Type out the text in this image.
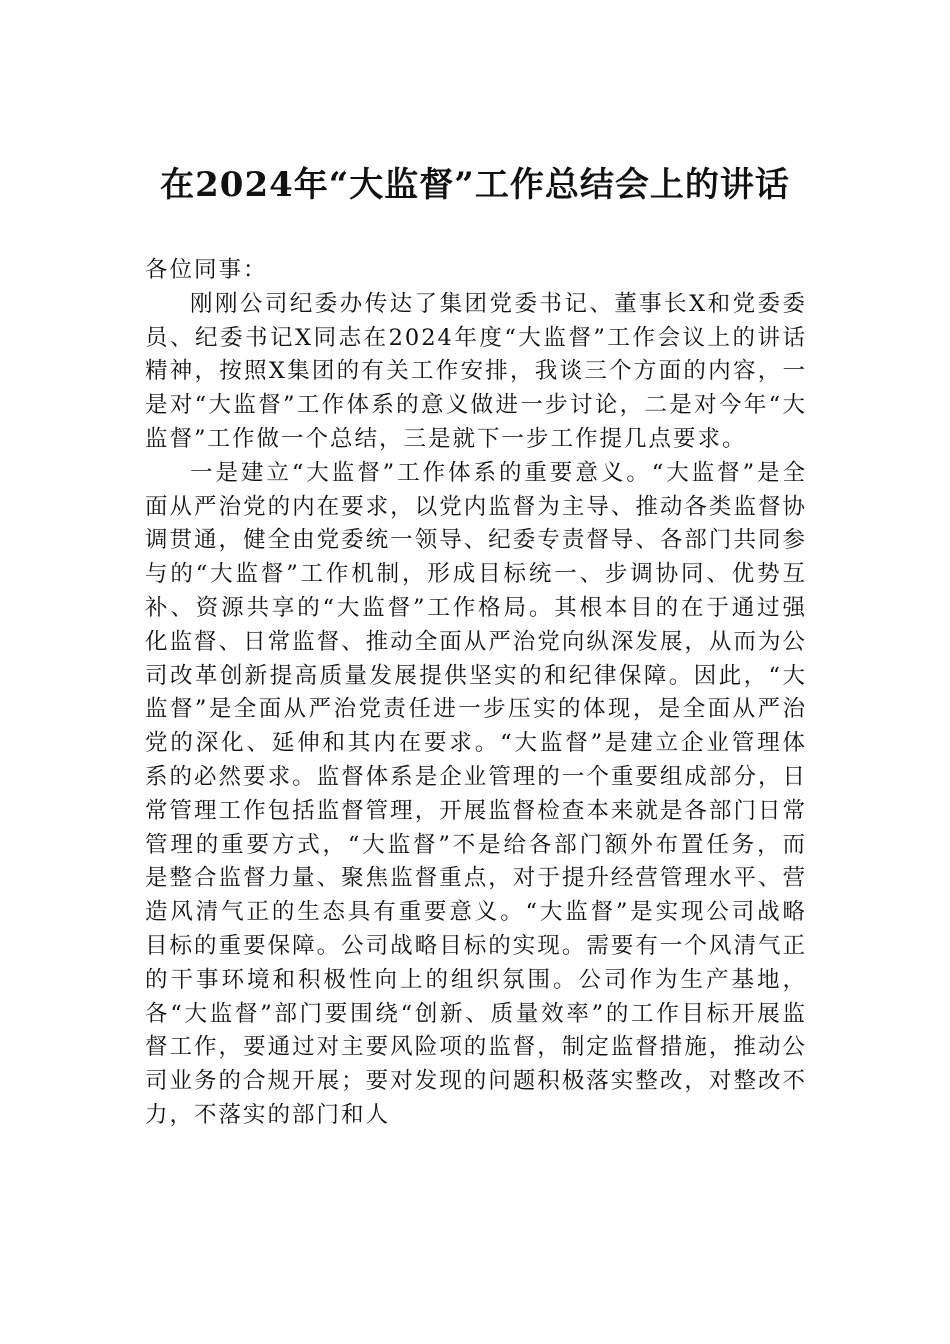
在2024年“大监督”工作总结会上的讲话

各位同事：

刚刚公司纪委办传达了集团党委书记、董事长X和党委委员、纪委书记X同志在2024年度“大监督”工作会议上的讲话精神，按照X集团的有关工作安排，我谈三个方面的内容，一是对“大监督”工作体系的意义做进一步讨论，二是对今年“大监督”工作做一个总结，三是就下一步工作提几点要求。

一是建立“大监督”工作体系的重要意义。“大监督”是全面从严治党的内在要求，以党内监督为主导、推动各类监督协调贯通，健全由党委统一领导、纪委专责督导、各部门共同参与的“大监督”工作机制，形成目标统一、步调协同、优势互补、资源共享的“大监督”工作格局。其根本目的在于通过强化监督、日常监督、推动全面从严治党向纵深发展，从而为公司改革创新提高质量发展提供坚实的和纪律保障。因此，“大监督”是全面从严治党责任进一步压实的体现，是全面从严治党的深化、延伸和其内在要求。“大监督”是建立企业管理体系的必然要求。监督体系是企业管理的一个重要组成部分，日常管理工作包括监督管理，开展监督检查本来就是各部门日常管理的重要方式，“大监督”不是给各部门额外布置任务，而是整合监督力量、聚焦监督重点，对于提升经营管理水平、营造风清气正的生态具有重要意义。“大监督”是实现公司战略目标的重要保障。公司战略目标的实现。需要有一个风清气正的干事环境和积极性向上的组织氛围。公司作为生产基地，各“大监督”部门要围绕“创新、质量效率”的工作目标开展监督工作，要通过对主要风险项的监督，制定监督措施，推动公司业务的合规开展；要对发现的问题积极落实整改，对整改不力，不落实的部门和人
